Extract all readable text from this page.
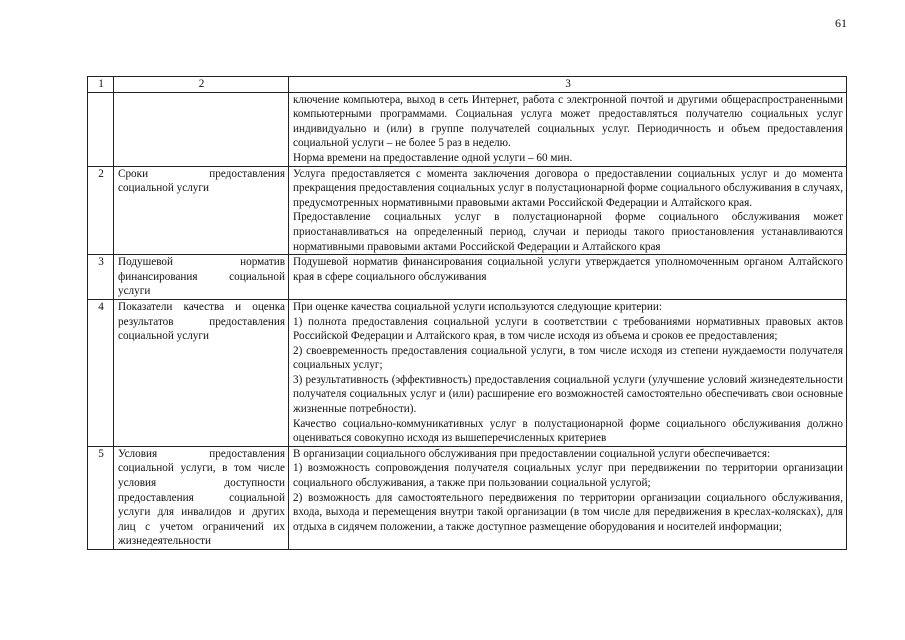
61
1	2	3

		ключение компьютера, выход в сеть Интернет, работа с электронной почтой и другими общераспространенными компьютерными программами. Социальная услуга может предоставляться получателю социальных услуг индивидуально и (или) в группе получателей социальных услуг. Периодичность и объем предоставления социальной услуги – не более 5 раз в неделю.
Норма времени на предоставление одной услуги – 60 мин.

2	Сроки предоставления социальной услуги	Услуга предоставляется с момента заключения договора о предоставлении социальных услуг и до момента прекращения предоставления социальных услуг в полустационарной форме социального обслуживания в случаях, предусмотренных нормативными правовыми актами Российской Федерации и Алтайского края.
Предоставление социальных услуг в полустационарной форме социального обслуживания может приостанавливаться на определенный период, случаи и периоды такого приостановления устанавливаются нормативными правовыми актами Российской Федерации и Алтайского края

3	Подушевой норматив финансирования социальной услуги	Подушевой норматив финансирования социальной услуги утверждается уполномоченным органом Алтайского края в сфере социального обслуживания

4	Показатели качества и оценка результатов предоставления социальной услуги	При оценке качества социальной услуги используются следующие критерии:
1) полнота предоставления социальной услуги в соответствии с требованиями нормативных правовых актов Российской Федерации и Алтайского края, в том числе исходя из объема и сроков ее предоставления;
2) своевременность предоставления социальной услуги, в том числе исходя из степени нуждаемости получателя социальных услуг;
3) результативность (эффективность) предоставления социальной услуги (улучшение условий жизнедеятельности получателя социальных услуг и (или) расширение его возможностей самостоятельно обеспечивать свои основные жизненные потребности).
Качество социально-коммуникативных услуг в полустационарной форме социального обслуживания должно оцениваться совокупно исходя из вышеперечисленных критериев

5	Условия предоставления социальной услуги, в том числе условия доступности предоставления социальной услуги для инвалидов и других лиц с учетом ограничений их жизнедеятельности	В организации социального обслуживания при предоставлении социальной услуги обеспечивается:
1) возможность сопровождения получателя социальных услуг при передвижении по территории организации социального обслуживания, а также при пользовании социальной услугой;
2) возможность для самостоятельного передвижения по территории организации социального обслуживания, входа, выхода и перемещения внутри такой организации (в том числе для передвижения в креслах-колясках), для отдыха в сидячем положении, а также доступное размещение оборудования и носителей информации;
